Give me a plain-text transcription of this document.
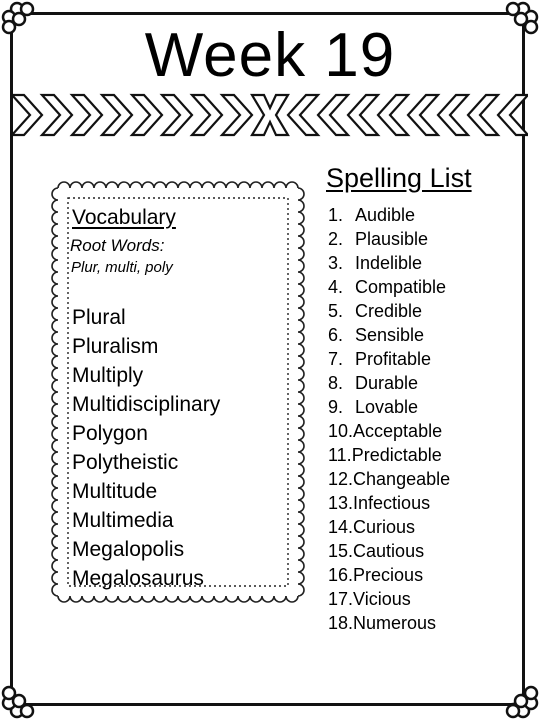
Week 19
Spelling List
1. Audible
2. Plausible
3. Indelible
4. Compatible
5. Credible
6. Sensible
7. Profitable
8. Durable
9. Lovable
10.Acceptable
11.Predictable
12.Changeable
13.Infectious
14.Curious
15.Cautious
16.Precious
17.Vicious
18.Numerous
Vocabulary
Root Words:
Plur, multi, poly
Plural
Pluralism
Multiply
Multidisciplinary
Polygon
Polytheistic
Multitude
Multimedia
Megalopolis
Megalosaurus
